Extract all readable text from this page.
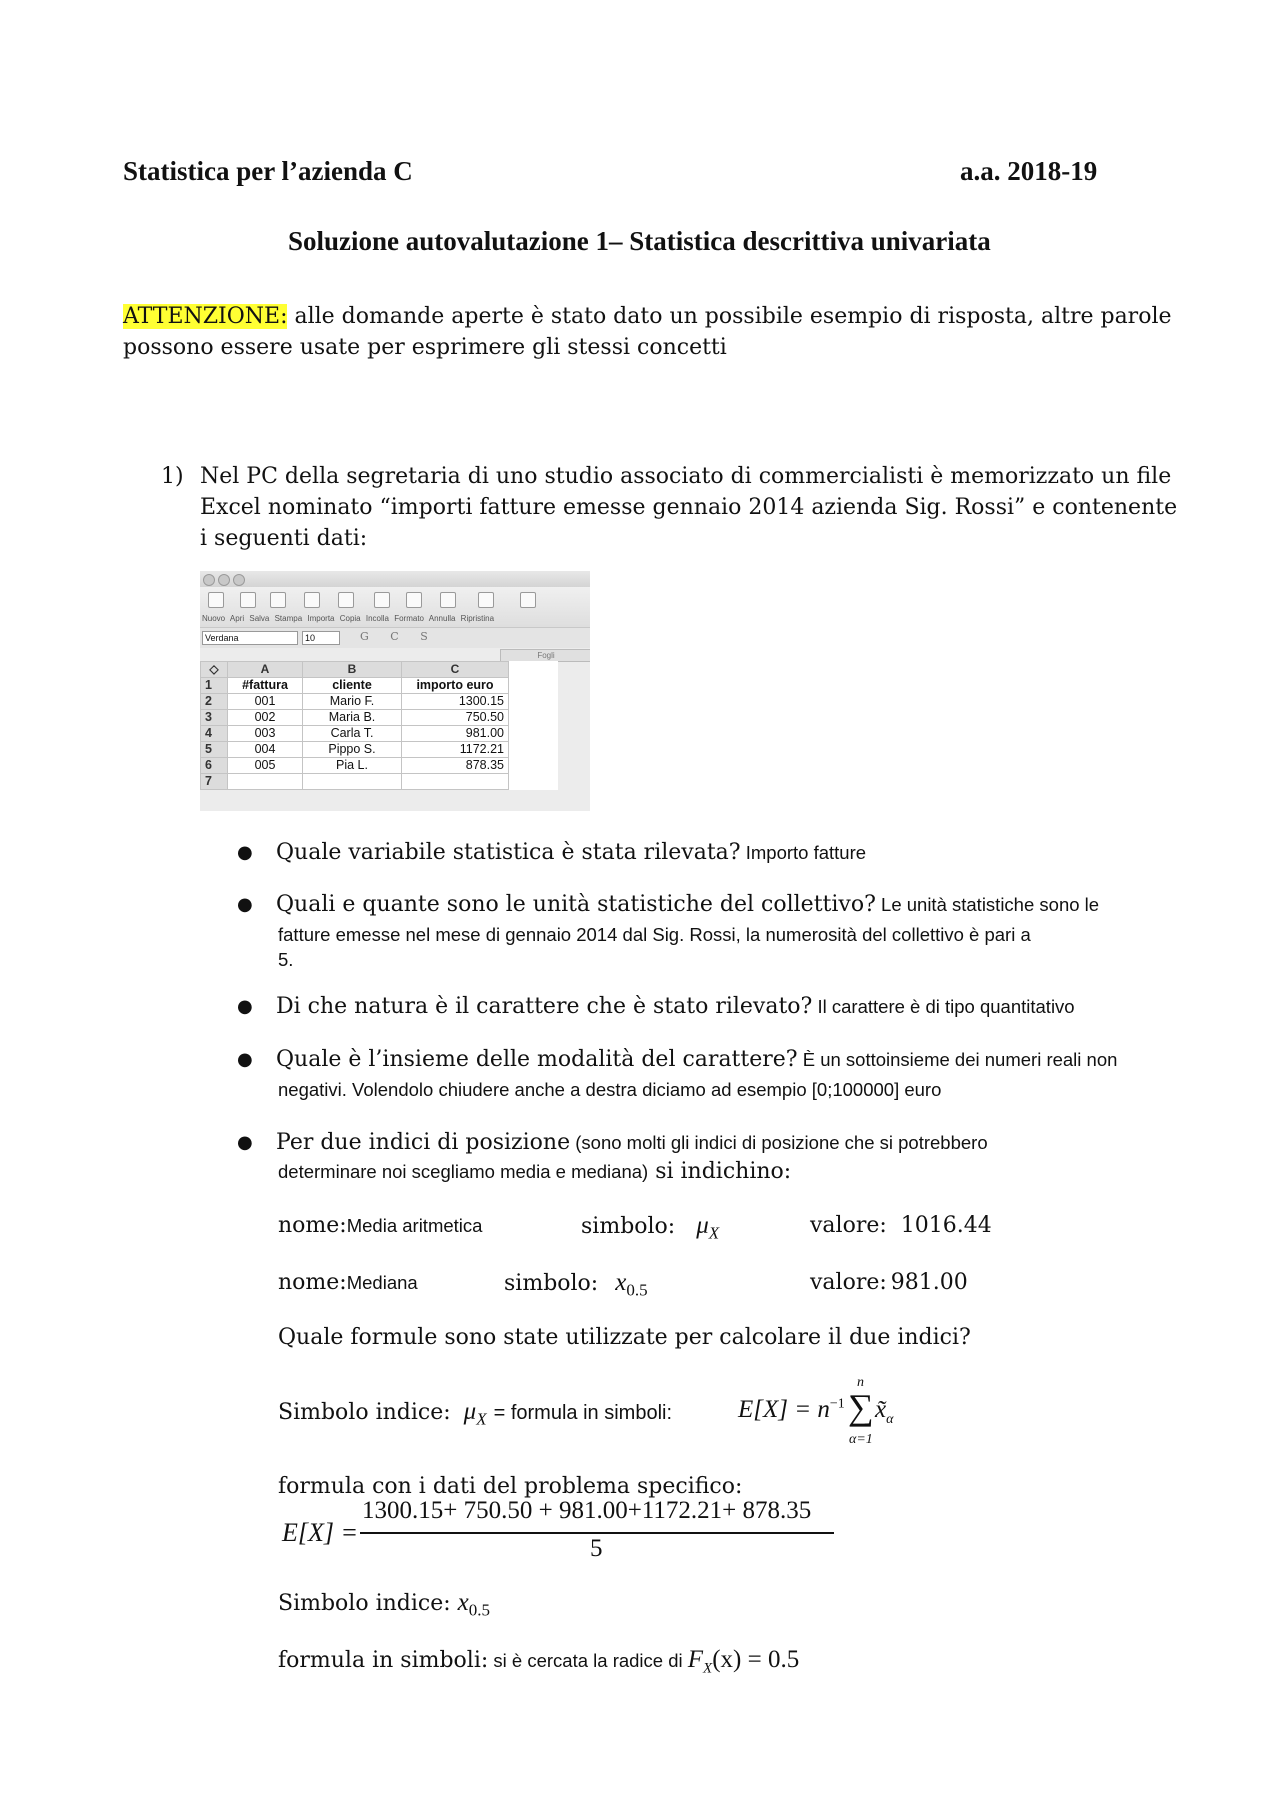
Statistica per l’azienda C	a.a. 2018-19
Soluzione autovalutazione 1– Statistica descrittiva univariata
ATTENZIONE: alle domande aperte è stato dato un possibile esempio di risposta, altre parole
possono essere usate per esprimere gli stessi concetti
1) Nel PC della segretaria di uno studio associato di commercialisti è memorizzato un file
Excel nominato “importi fatture emesse gennaio 2014 azienda Sig. Rossi” e contenente
i seguenti dati:
Nuovo Apri Salva Stampa Importa Copia Incolla Formato Annulla Ripristina
Verdana	10	G C S
Fogli
◇	A	B	C	
1	#fattura	cliente	importo euro	
2	001	Mario F.	1300.15	
3	002	Maria B.	750.50	
4	003	Carla T.	981.00	
5	004	Pippo S.	1172.21	
6	005	Pia L.	878.35	
7				
● Quale variabile statistica è stata rilevata? Importo fatture
● Quali e quante sono le unità statistiche del collettivo? Le unità statistiche sono le
fatture emesse nel mese di gennaio 2014 dal Sig. Rossi, la numerosità del collettivo è pari a
5.
● Di che natura è il carattere che è stato rilevato? Il carattere è di tipo quantitativo
● Quale è l’insieme delle modalità del carattere? È un sottoinsieme dei numeri reali non
negativi. Volendolo chiudere anche a destra diciamo ad esempio [0;100000] euro
● Per due indici di posizione (sono molti gli indici di posizione che si potrebbero
determinare noi scegliamo media e mediana) si indichino:
nome:Media aritmetica	simbolo: $\mu_X$	valore: 1016.44
nome:Mediana	simbolo: $x_{0.5}$	valore: 981.00
Quale formule sono state utilizzate per calcolare il due indici?
Simbolo indice: $\mu_X$ = formula in simboli:	$E[X] = n^{-1}$
n
∑
α=1
$x̃_\alpha$
formula con i dati del problema specifico:
E[X] =
1300.15+ 750.50 + 981.00+1172.21+ 878.35
5
Simbolo indice: $x_{0.5}$
formula in simboli: si è cercata la radice di $F_X(x) = 0.5$
